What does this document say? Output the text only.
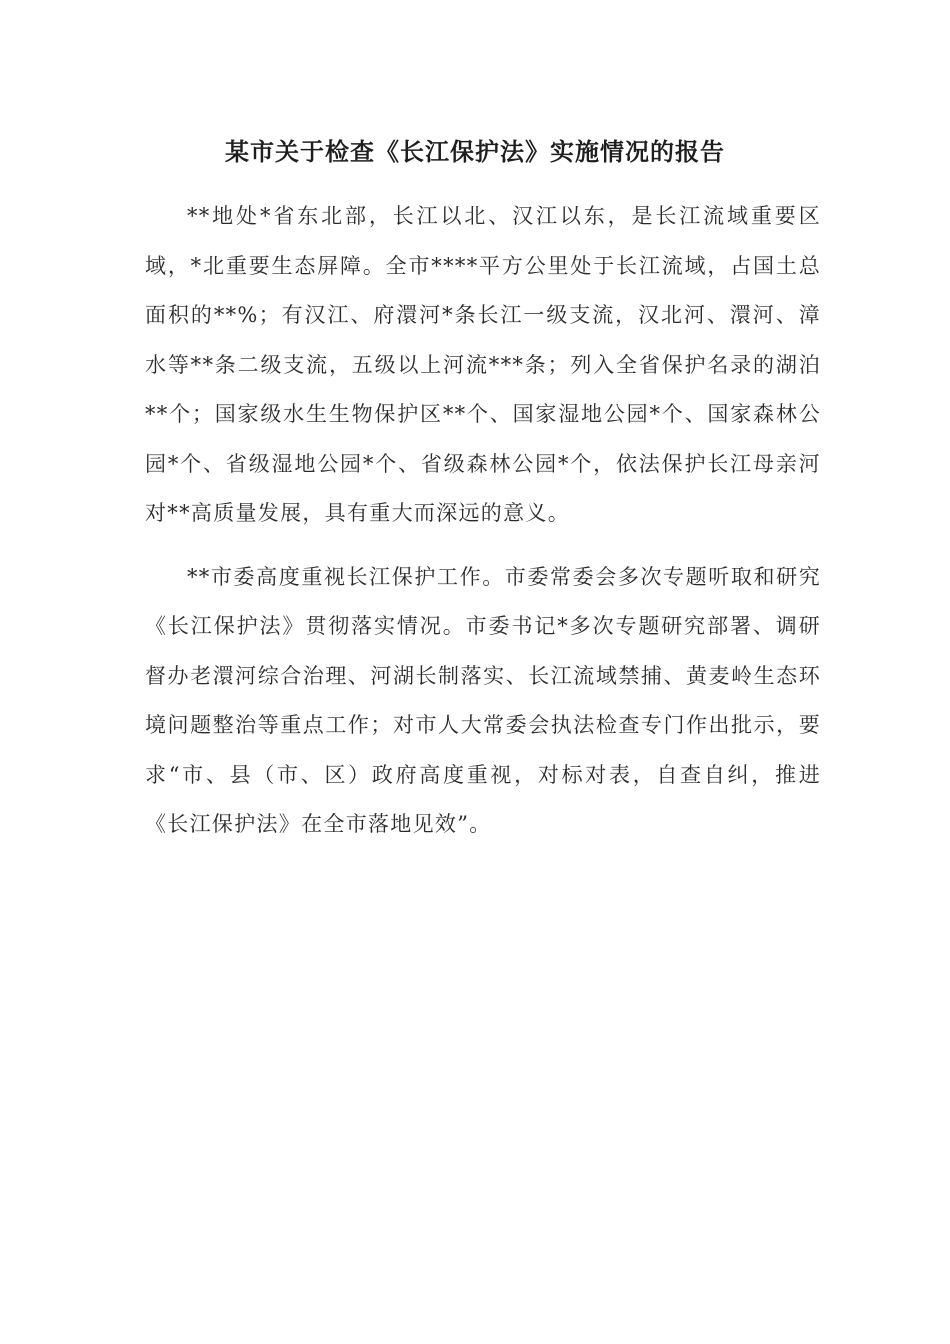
某市关于检查《长江保护法》实施情况的报告

**地处*省东北部，长江以北、汉江以东，是长江流域重要区域，*北重要生态屏障。全市****平方公里处于长江流域，占国土总面积的**%；有汉江、府澴河*条长江一级支流，汉北河、澴河、漳水等**条二级支流，五级以上河流***条；列入全省保护名录的湖泊**个；国家级水生生物保护区**个、国家湿地公园*个、国家森林公园*个、省级湿地公园*个、省级森林公园*个，依法保护长江母亲河对**高质量发展，具有重大而深远的意义。

**市委高度重视长江保护工作。市委常委会多次专题听取和研究《长江保护法》贯彻落实情况。市委书记*多次专题研究部署、调研督办老澴河综合治理、河湖长制落实、长江流域禁捕、黄麦岭生态环境问题整治等重点工作；对市人大常委会执法检查专门作出批示，要求“市、县（市、区）政府高度重视，对标对表，自查自纠，推进《长江保护法》在全市落地见效”。
